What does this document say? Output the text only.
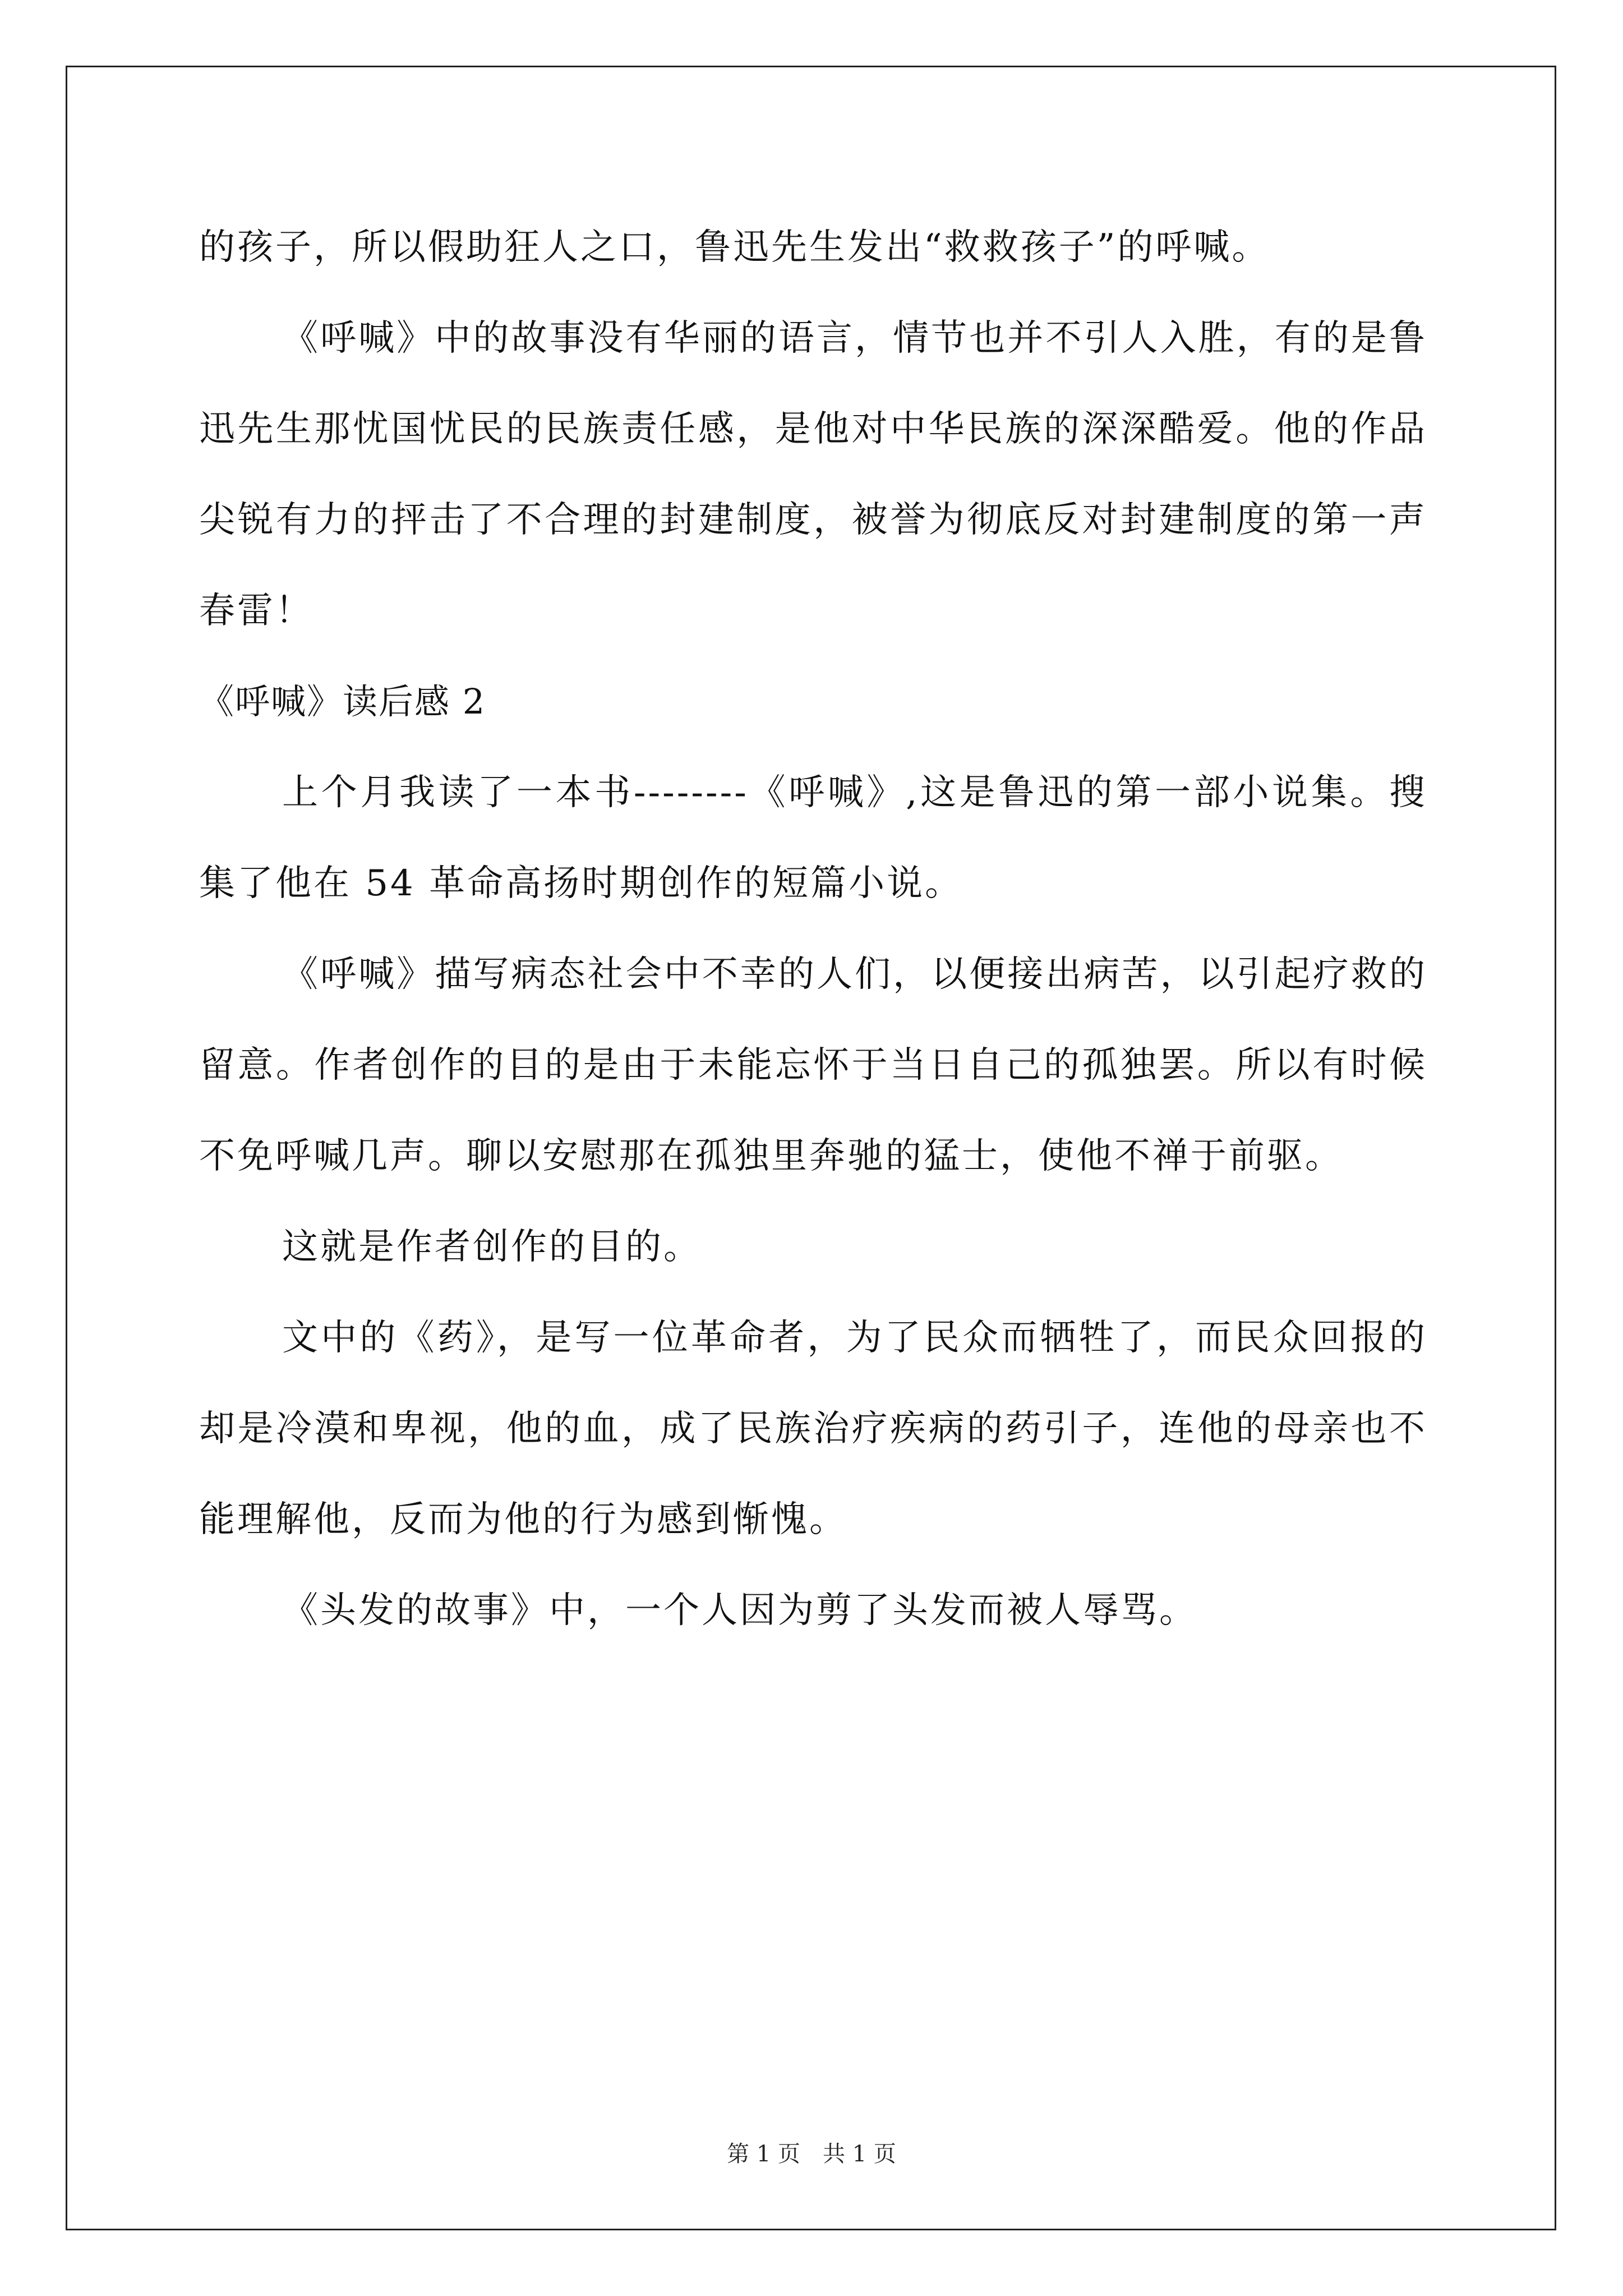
的孩子，所以假助狂人之口，鲁迅先生发出“救救孩子”的呼喊。

《呼喊》中的故事没有华丽的语言，情节也并不引人入胜，有的是鲁迅先生那忧国忧民的民族责任感，是他对中华民族的深深酷爱。他的作品尖锐有力的抨击了不合理的封建制度，被誉为彻底反对封建制度的第一声春雷！

《呼喊》读后感 2

上个月我读了一本书--------《呼喊》,这是鲁迅的第一部小说集。搜集了他在 54 革命高扬时期创作的短篇小说。

《呼喊》描写病态社会中不幸的人们，以便接出病苦，以引起疗救的留意。作者创作的目的是由于未能忘怀于当日自己的孤独罢。所以有时候不免呼喊几声。聊以安慰那在孤独里奔驰的猛士，使他不禅于前驱。

这就是作者创作的目的。

文中的《药》，是写一位革命者，为了民众而牺牲了，而民众回报的却是冷漠和卑视，他的血，成了民族治疗疾病的药引子，连他的母亲也不能理解他，反而为他的行为感到惭愧。

《头发的故事》中，一个人因为剪了头发而被人辱骂。

第 1 页　共 1 页
